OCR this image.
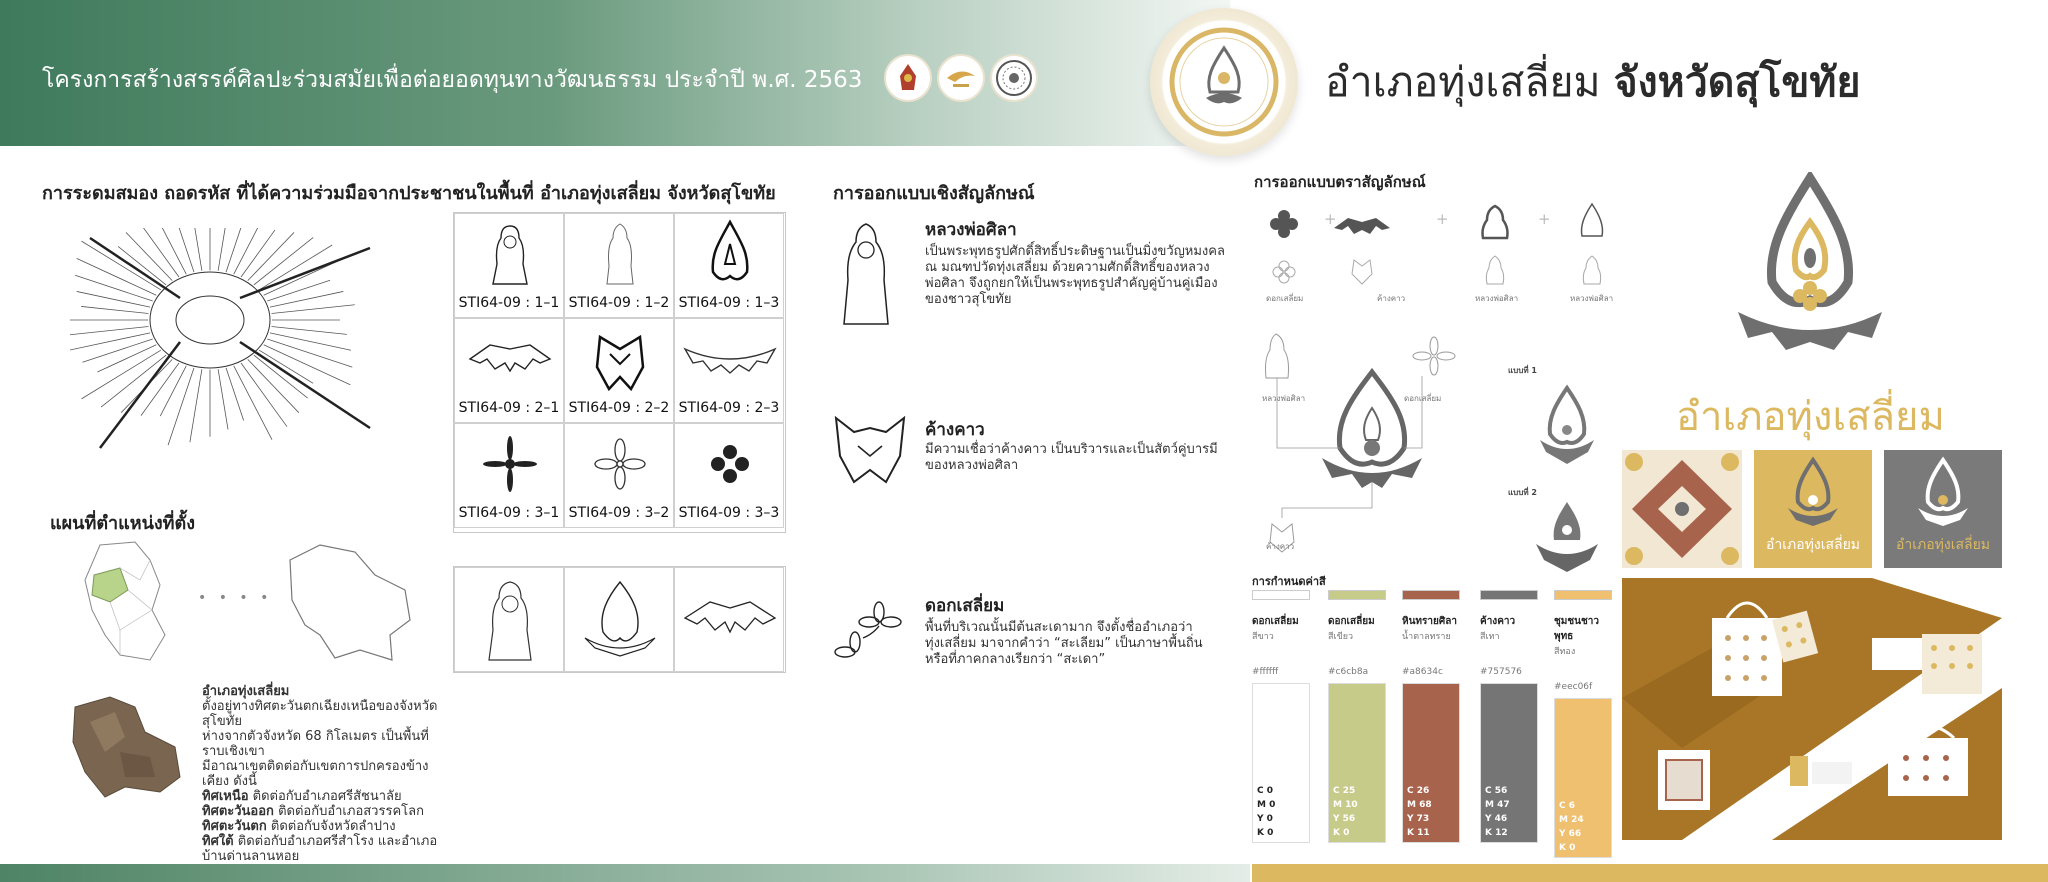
โครงการสร้างสรรค์ศิลปะร่วมสมัยเพื่อต่อยอดทุนทางวัฒนธรรม ประจำปี พ.ศ. 2563	อำเภอทุ่งเสลี่ยม จังหวัดสุโขทัย
การระดมสมอง ถอดรหัส ที่ได้ความร่วมมือจากประชาชนในพื้นที่ อำเภอทุ่งเสลี่ยม จังหวัดสุโขทัย
แผนที่ตำแหน่งที่ตั้ง
• • • •
อำเภอทุ่งเสลี่ยม
ตั้งอยู่ทางทิศตะวันตกเฉียงเหนือของจังหวัดสุโขทัย
ห่างจากตัวจังหวัด 68 กิโลเมตร เป็นพื้นที่ราบเชิงเขา
มีอาณาเขตติดต่อกับเขตการปกครองข้างเคียง ดังนี้
ทิศเหนือ ติดต่อกับอำเภอศรีสัชนาลัย
ทิศตะวันออก ติดต่อกับอำเภอสวรรคโลก
ทิศตะวันตก ติดต่อกับจังหวัดลำปาง
ทิศใต้ ติดต่อกับอำเภอศรีสำโรง และอำเภอ
บ้านด่านลานหอย
STI64-09 : 1–1 STI64-09 : 1–2 STI64-09 : 1–3
STI64-09 : 2–1 STI64-09 : 2–2 STI64-09 : 2–3
STI64-09 : 3–1 STI64-09 : 3–2 STI64-09 : 3–3
การออกแบบเชิงสัญลักษณ์
หลวงพ่อศิลา
เป็นพระพุทธรูปศักดิ์สิทธิ์ประดิษฐานเป็นมิ่งขวัญหมงคล ณ มณฑปวัดทุ่งเสลี่ยม ด้วยความศักดิ์สิทธิ์ของหลวงพ่อศิลา จึงถูกยกให้เป็นพระพุทธรูปสำคัญคู่บ้านคู่เมืองของชาวสุโขทัย
ค้างคาว
มีความเชื่อว่าค้างคาว เป็นบริวารและเป็นสัตว์คู่บารมีของหลวงพ่อศิลา
ดอกเสลี่ยม
พื้นที่บริเวณนั้นมีต้นสะเดามาก จึงตั้งชื่ออำเภอว่าทุ่งเสลี่ยม มาจากคำว่า “สะเลียม” เป็นภาษาพื้นถิ่นหรือที่ภาคกลางเรียกว่า “สะเดา”
การออกแบบตราสัญลักษณ์
+	+	+
ดอกเสลี่ยม	ค้างคาว	หลวงพ่อศิลา	หลวงพ่อศิลา
หลวงพ่อศิลา	ดอกเสลี่ยม
ค้างคาว
แบบที่ 1
แบบที่ 2
อำเภอทุ่งเสลี่ยม
อำเภอทุ่งเสลี่ยม	อำเภอทุ่งเสลี่ยม
การกำหนดค่าสี
ดอกเสลี่ยม
สีขาว
#ffffff
C 0
M 0
Y 0
K 0
ดอกเสลี่ยม
สีเขียว
#c6cb8a
C 25
M 10
Y 56
K 0
หินทรายศิลา
น้ำตาลทราย
#a8634c
C 26
M 68
Y 73
K 11
ค้างคาว
สีเทา
#757576
C 56
M 47
Y 46
K 12
ชุมชนชาวพุทธ
สีทอง
#eec06f
C 6
M 24
Y 66
K 0
